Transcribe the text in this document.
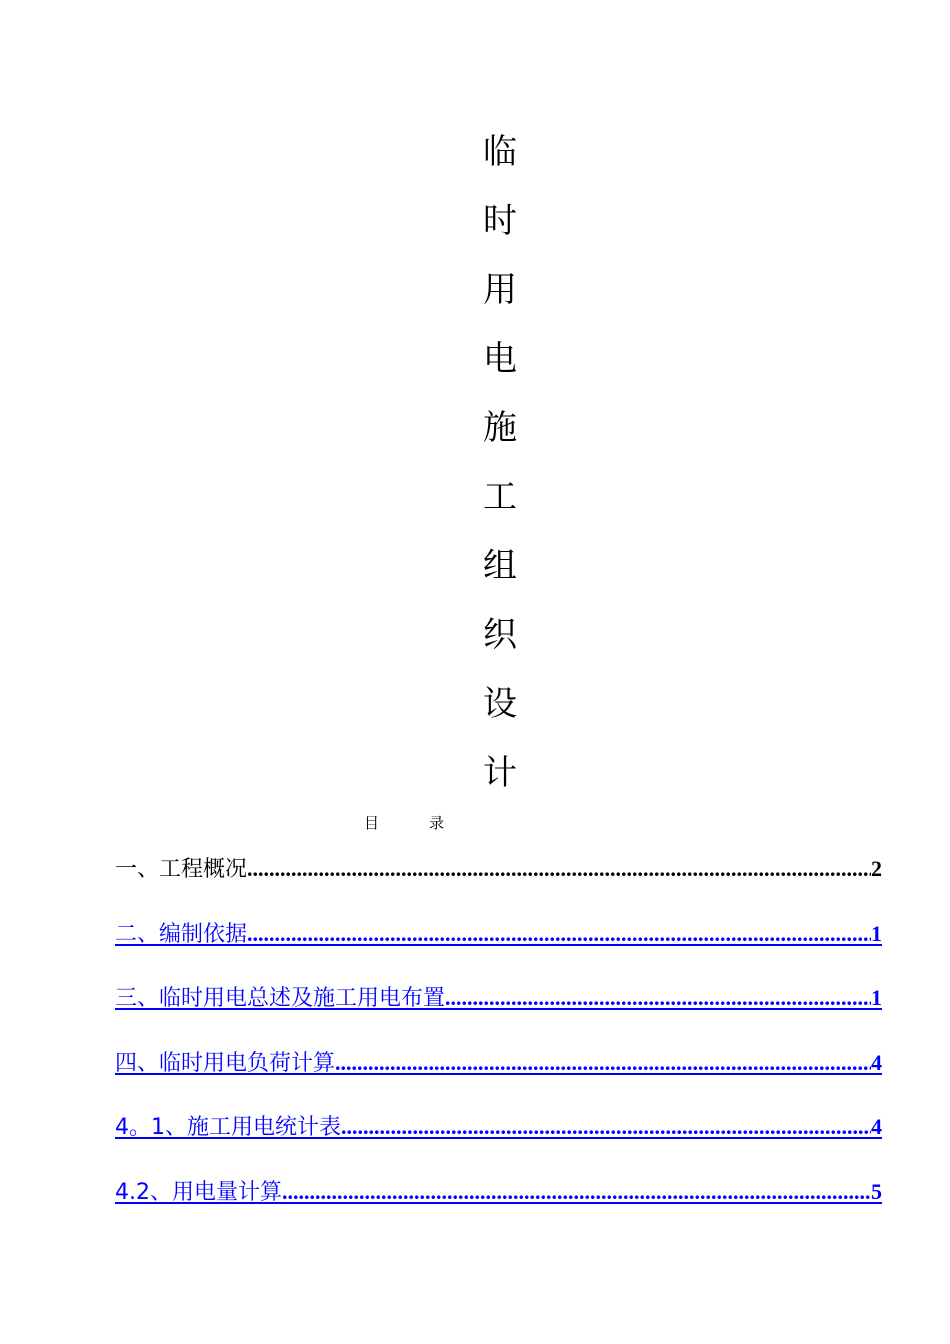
临
时
用
电
施
工
组
织
设
计
目	录
一、工程概况 .....	2
二、编制依据 .....	1
三、临时用电总述及施工用电布置 .....	1
四、临时用电负荷计算 .....	4
4。1、施工用电统计表 .....	4
4.2、用电量计算 .....	5
